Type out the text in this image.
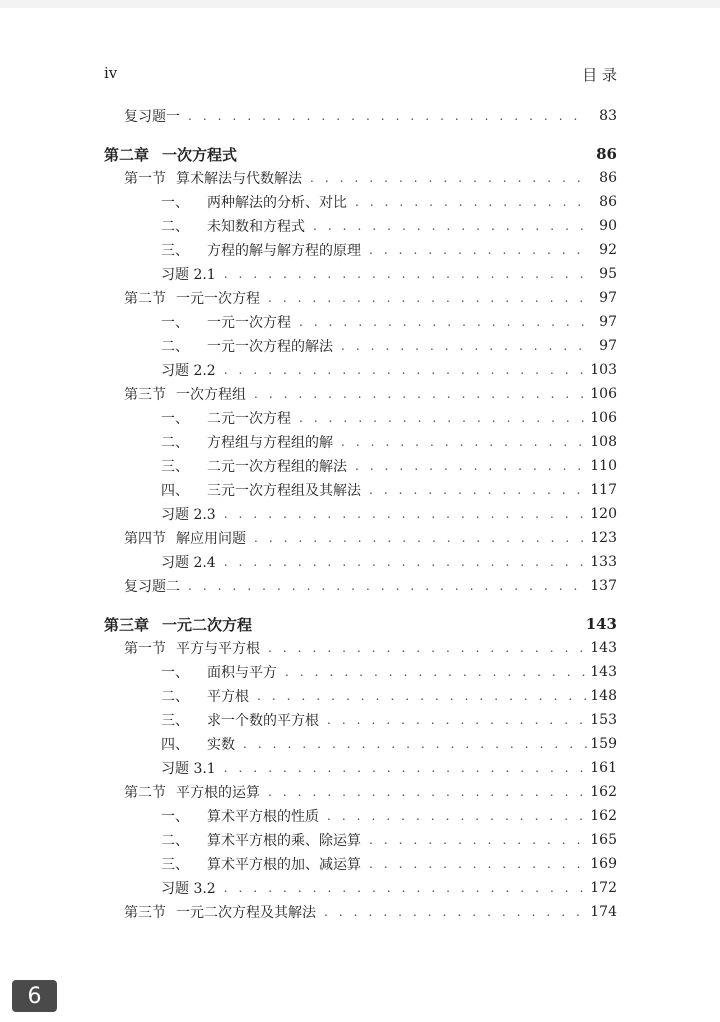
iv	目 录
复习题一 . . .	83
第二章 一次方程式	86
第一节 算术解法与代数解法 . . .	86
一、	两种解法的分析、对比 . . .	86
二、	未知数和方程式 . . .	90
三、	方程的解与解方程的原理 . . .	92
习题 2.1 . . .	95
第二节 一元一次方程 . . .	97
一、	一元一次方程 . . .	97
二、	一元一次方程的解法 . . .	97
习题 2.2 . . .	103
第三节 一次方程组 . . .	106
一、	二元一次方程 . . .	106
二、	方程组与方程组的解 . . .	108
三、	二元一次方程组的解法 . . .	110
四、	三元一次方程组及其解法 . . .	117
习题 2.3 . . .	120
第四节 解应用问题 . . .	123
习题 2.4 . . .	133
复习题二 . . .	137
第三章 一元二次方程	143
第一节 平方与平方根 . . .	143
一、	面积与平方 . . .	143
二、	平方根 . . .	148
三、	求一个数的平方根 . . .	153
四、	实数 . . .	159
习题 3.1 . . .	161
第二节 平方根的运算 . . .	162
一、	算术平方根的性质 . . .	162
二、	算术平方根的乘、除运算 . . .	165
三、	算术平方根的加、减运算 . . .	169
习题 3.2 . . .	172
第三节 一元二次方程及其解法 . . .	174
6
